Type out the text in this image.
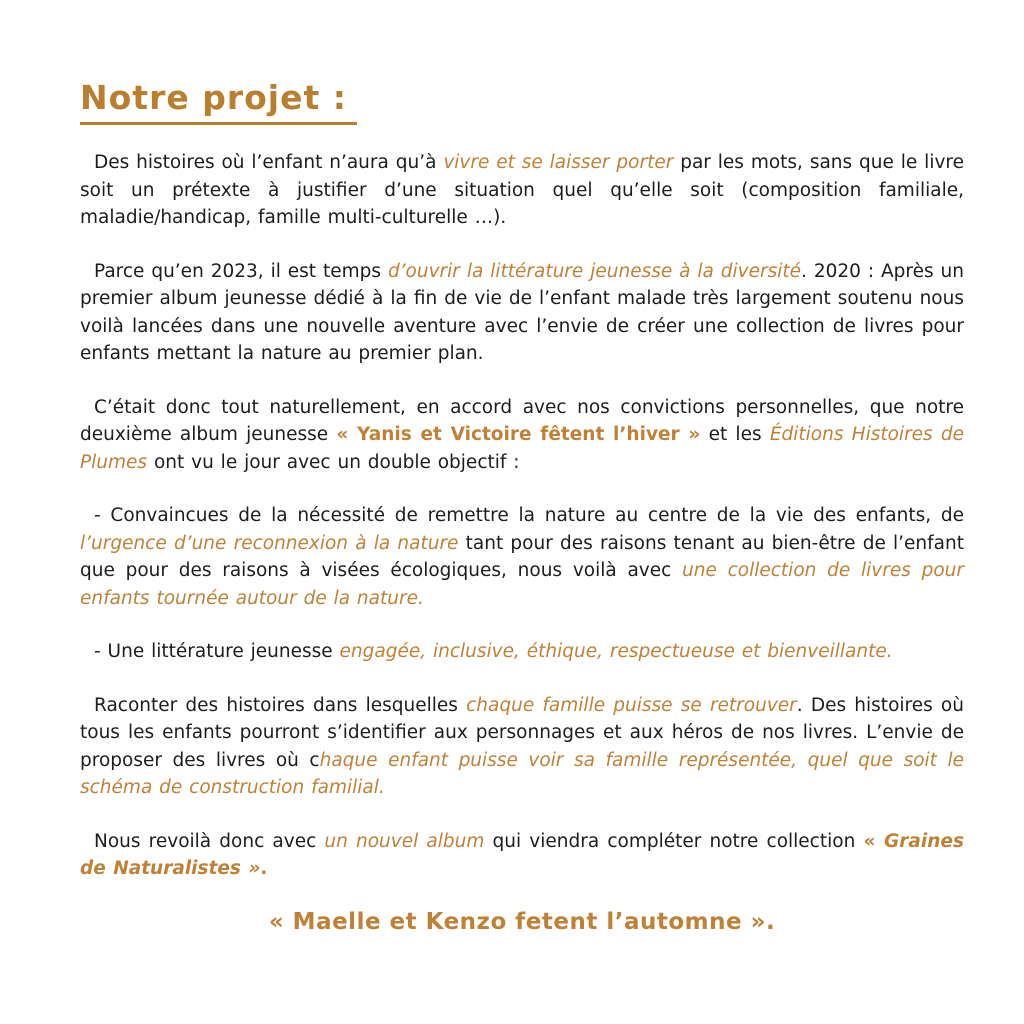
Notre projet :

Des histoires où l’enfant n’aura qu’à vivre et se laisser porter par les mots, sans que le livre soit un prétexte à justifier d’une situation quel qu’elle soit (composition familiale, maladie/handicap, famille multi-culturelle …).

Parce qu’en 2023, il est temps d’ouvrir la littérature jeunesse à la diversité. 2020 : Après un premier album jeunesse dédié à la fin de vie de l’enfant malade très largement soutenu nous voilà lancées dans une nouvelle aventure avec l’envie de créer une collection de livres pour enfants mettant la nature au premier plan.

C’était donc tout naturellement, en accord avec nos convictions personnelles, que notre deuxième album jeunesse « Yanis et Victoire fêtent l’hiver » et les Éditions Histoires de Plumes ont vu le jour avec un double objectif :

- Convaincues de la nécessité de remettre la nature au centre de la vie des enfants, de l’urgence d’une reconnexion à la nature tant pour des raisons tenant au bien-être de l’enfant que pour des raisons à visées écologiques, nous voilà avec une collection de livres pour enfants tournée autour de la nature.

- Une littérature jeunesse engagée, inclusive, éthique, respectueuse et bienveillante.

Raconter des histoires dans lesquelles chaque famille puisse se retrouver. Des histoires où tous les enfants pourront s’identifier aux personnages et aux héros de nos livres. L’envie de proposer des livres où chaque enfant puisse voir sa famille représentée, quel que soit le schéma de construction familial.

Nous revoilà donc avec un nouvel album qui viendra compléter notre collection « Graines de Naturalistes ».

« Maelle et Kenzo fetent l’automne ».
